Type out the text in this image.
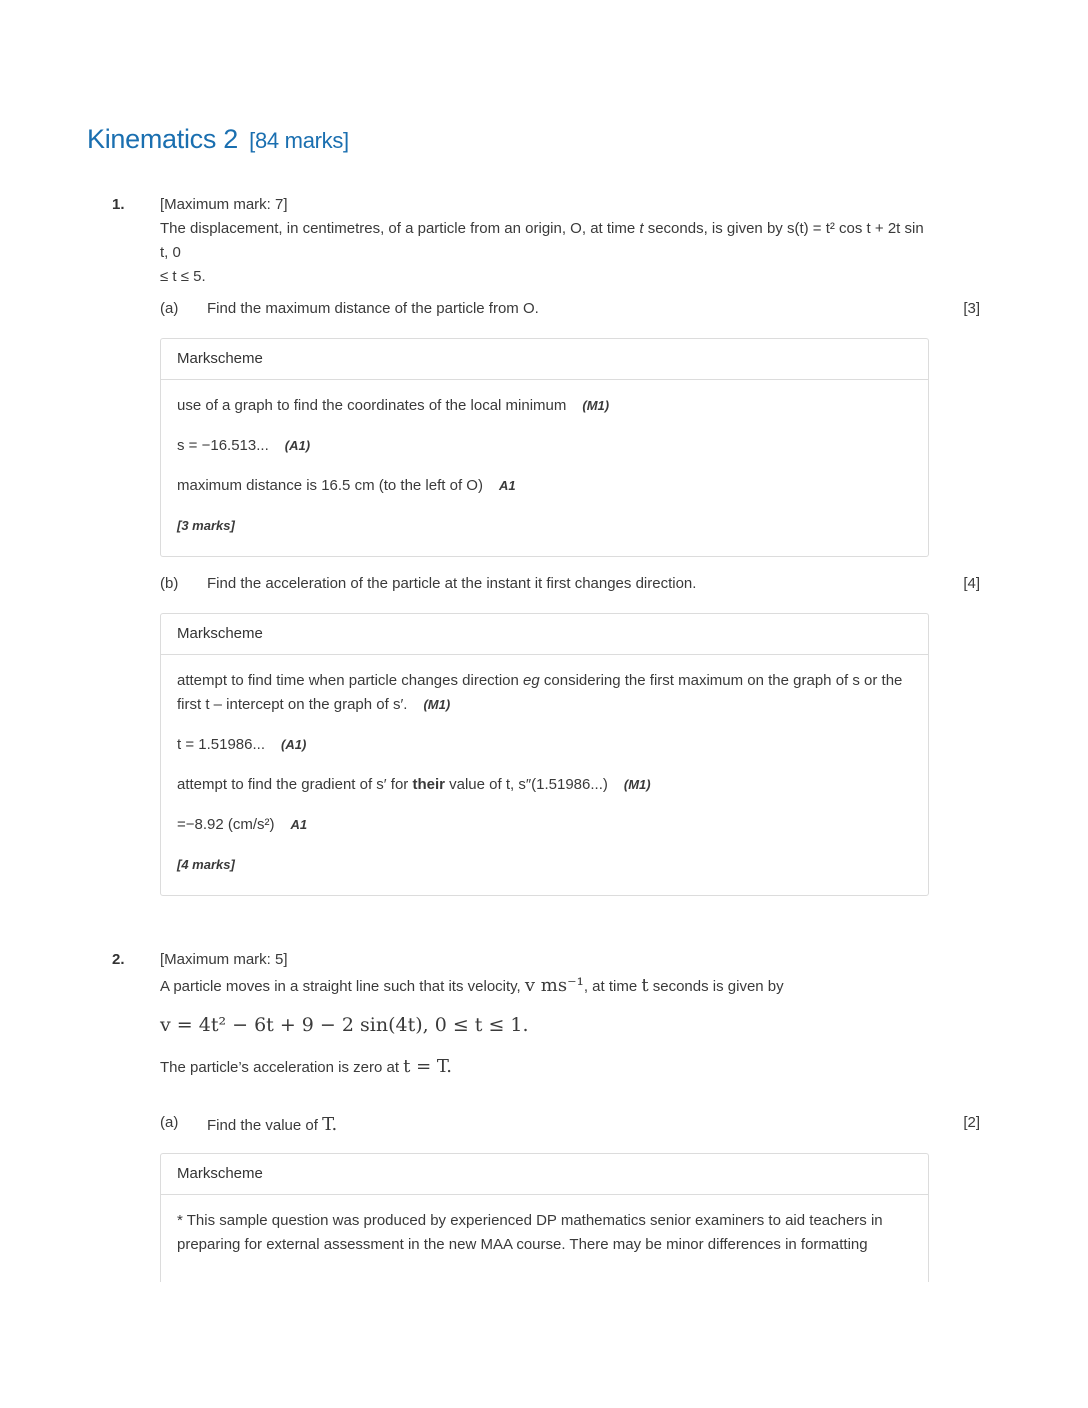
Kinematics 2 [84 marks]
1. [Maximum mark: 7]
The displacement, in centimetres, of a particle from an origin, O, at time t seconds, is given by s(t) = t² cos t + 2t sin t, 0
≤ t ≤ 5.
(a) Find the maximum distance of the particle from O.	[3]
Markscheme
use of a graph to find the coordinates of the local minimum (M1)
s = −16.513... (A1)
maximum distance is 16.5 cm (to the left of O) A1
[3 marks]
(b) Find the acceleration of the particle at the instant it first changes direction.	[4]
Markscheme
attempt to find time when particle changes direction eg considering the first maximum on the graph of s or the first t – intercept on the graph of s′. (M1)
t = 1.51986... (A1)
attempt to find the gradient of s′ for their value of t, s″(1.51986...) (M1)
=−8.92 (cm/s²) A1
[4 marks]
2. [Maximum mark: 5]
A particle moves in a straight line such that its velocity, v ms⁻¹, at time t seconds is given by
v = 4t² − 6t + 9 − 2 sin(4t), 0 ≤ t ≤ 1.
The particle’s acceleration is zero at t = T.
(a) Find the value of T.	[2]
Markscheme
* This sample question was produced by experienced DP mathematics senior examiners to aid teachers in preparing for external assessment in the new MAA course. There may be minor differences in formatting
